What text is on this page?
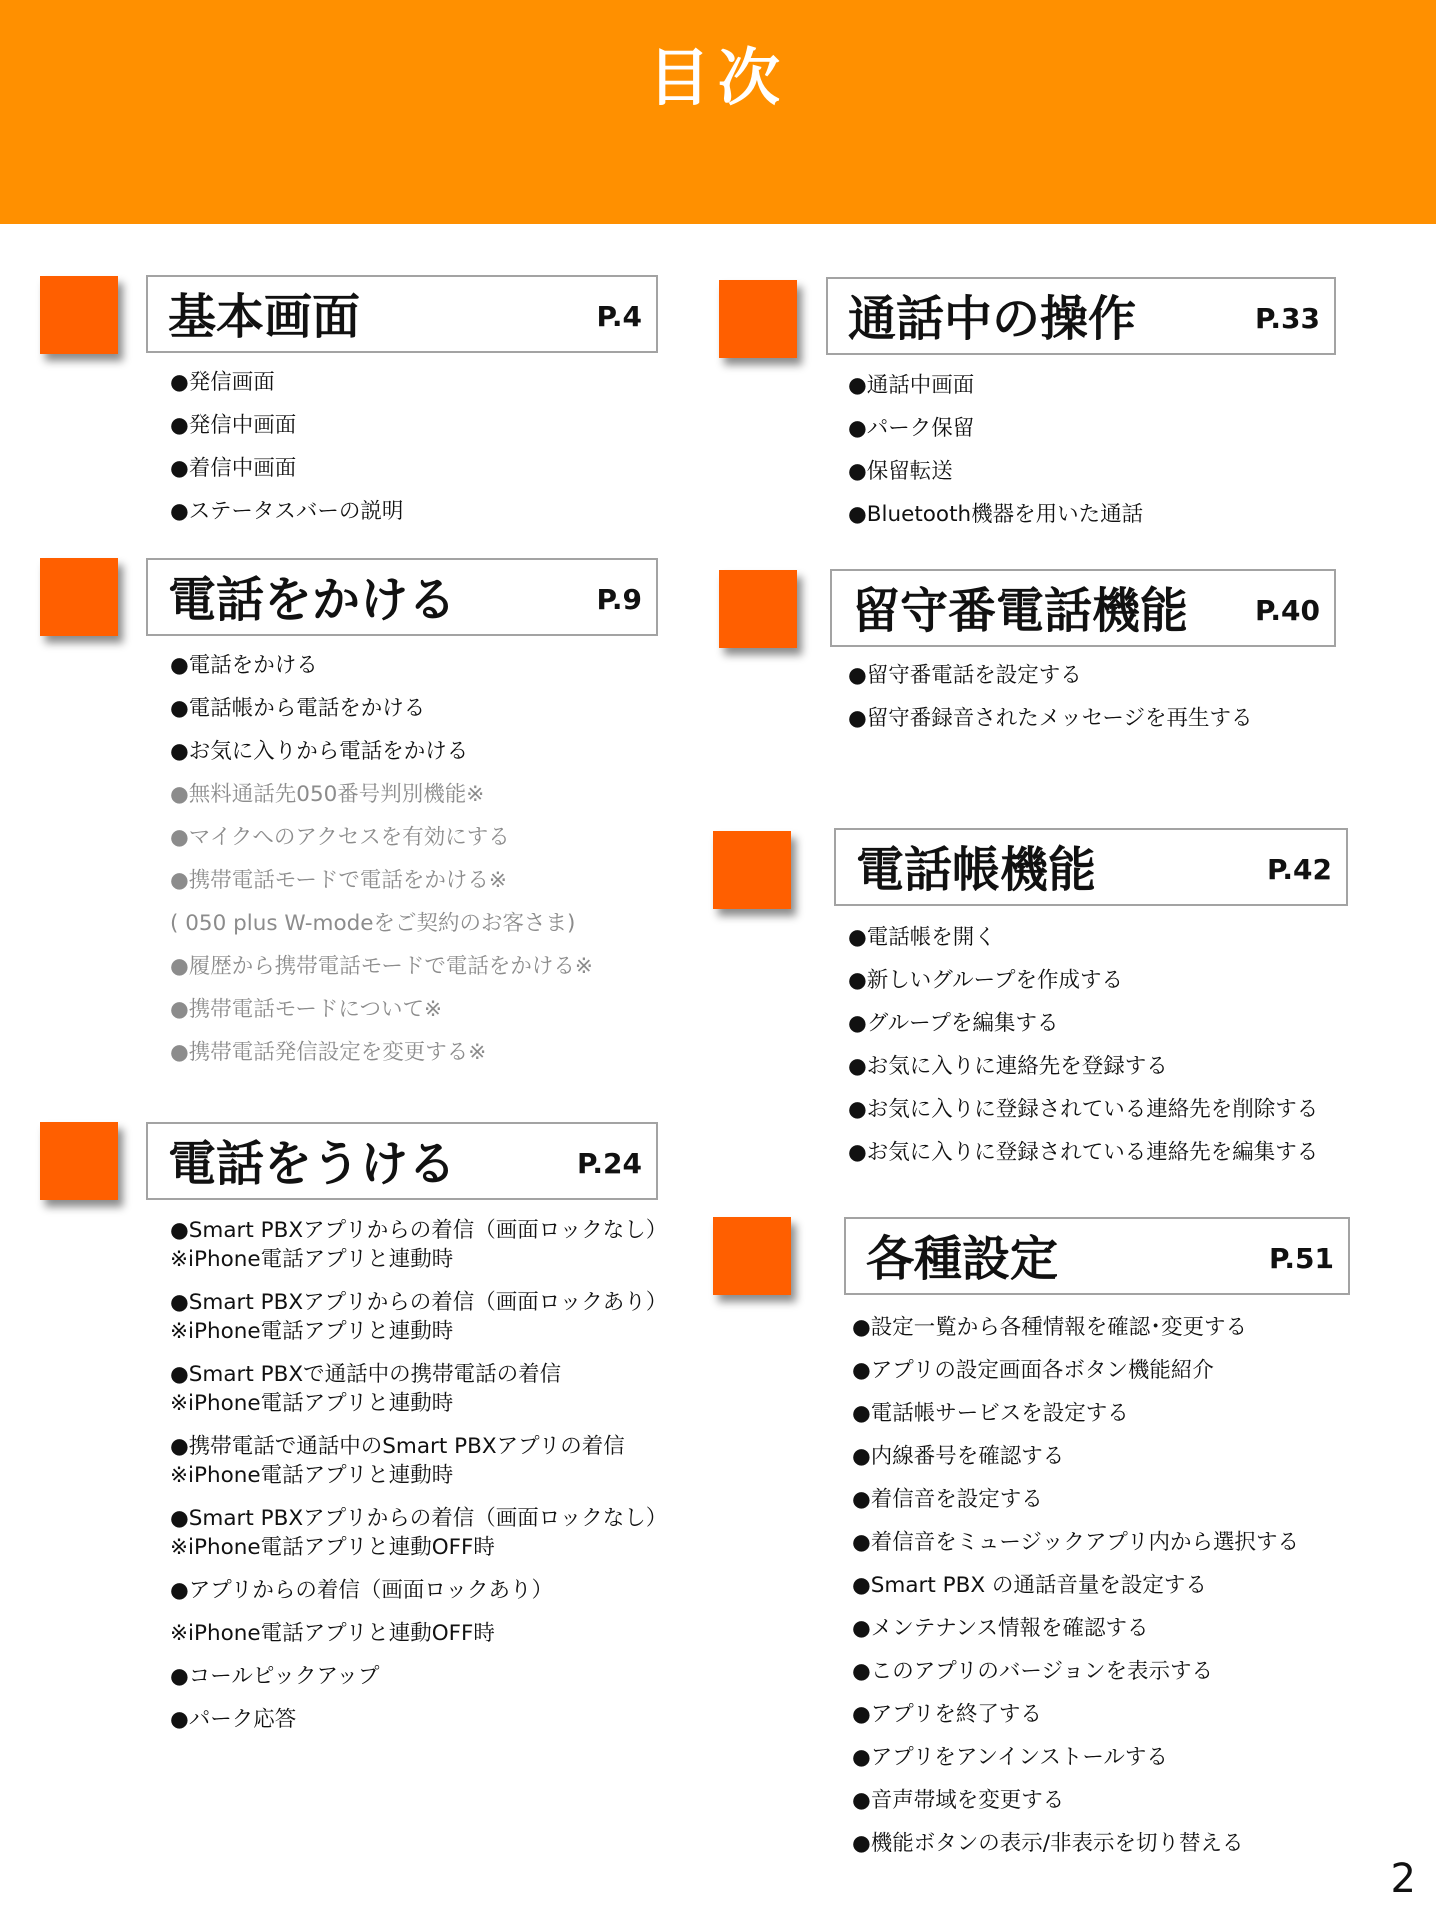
目次
基本画面	P.4
●発信画面
●発信中画面
●着信中画面
●ステータスバーの説明
電話をかける	P.9
●電話をかける
●電話帳から電話をかける
●お気に入りから電話をかける
●無料通話先050番号判別機能※
●マイクへのアクセスを有効にする
●携帯電話モードで電話をかける※
( 050 plus W-modeをご契約のお客さま)
●履歴から携帯電話モードで電話をかける※
●携帯電話モードについて※
●携帯電話発信設定を変更する※
電話をうける	P.24
●Smart PBXアプリからの着信（画面ロックなし）
※iPhone電話アプリと連動時
●Smart PBXアプリからの着信（画面ロックあり）
※iPhone電話アプリと連動時
●Smart PBXで通話中の携帯電話の着信
※iPhone電話アプリと連動時
●携帯電話で通話中のSmart PBXアプリの着信
※iPhone電話アプリと連動時
●Smart PBXアプリからの着信（画面ロックなし）
※iPhone電話アプリと連動OFF時
●アプリからの着信（画面ロックあり）
※iPhone電話アプリと連動OFF時
●コールピックアップ
●パーク応答
通話中の操作	P.33
●通話中画面
●パーク保留
●保留転送
●Bluetooth機器を用いた通話
留守番電話機能 P.40
●留守番電話を設定する
●留守番録音されたメッセージを再生する
電話帳機能	P.42
●電話帳を開く
●新しいグループを作成する
●グループを編集する
●お気に入りに連絡先を登録する
●お気に入りに登録されている連絡先を削除する
●お気に入りに登録されている連絡先を編集する
各種設定	P.51
●設定一覧から各種情報を確認･変更する
●アプリの設定画面各ボタン機能紹介
●電話帳サービスを設定する
●内線番号を確認する
●着信音を設定する
●着信音をミュージックアプリ内から選択する
●Smart PBX の通話音量を設定する
●メンテナンス情報を確認する
●このアプリのバージョンを表示する
●アプリを終了する
●アプリをアンインストールする
●音声帯域を変更する
●機能ボタンの表示/非表示を切り替える
2
